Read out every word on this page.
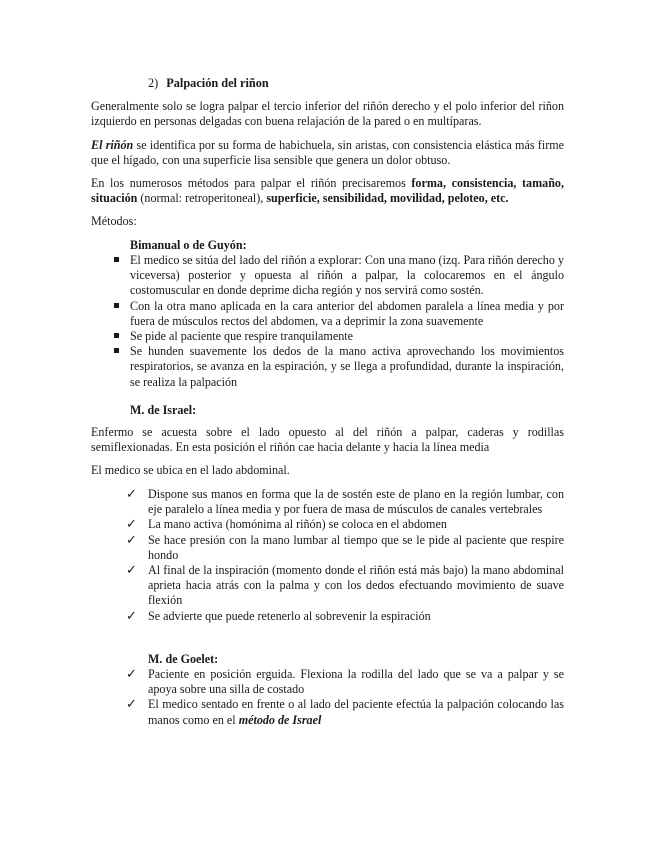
2) Palpación del riñon

Generalmente solo se logra palpar el tercio inferior del riñón derecho y el polo inferior del riñon izquierdo en personas delgadas con buena relajación de la pared o en multíparas.

El riñón se identifica por su forma de habichuela, sin aristas, con consistencia elástica más firme que el hígado, con una superficie lisa sensible que genera un dolor obtuso.

En los numerosos métodos para palpar el riñón precisaremos forma, consistencia, tamaño, situación (normal: retroperitoneal), superficie, sensibilidad, movilidad, peloteo, etc.

Métodos:

Bimanual o de Guyón:
El medico se sitúa del lado del riñón a explorar: Con una mano (izq. Para riñón derecho y viceversa) posterior y opuesta al riñón a palpar, la colocaremos en el ángulo costomuscular en donde deprime dicha región y nos servirá como sostén.
Con la otra mano aplicada en la cara anterior del abdomen paralela a línea media y por fuera de músculos rectos del abdomen, va a deprimir la zona suavemente
Se pide al paciente que respire tranquilamente
Se hunden suavemente los dedos de la mano activa aprovechando los movimientos respiratorios, se avanza en la espiración, y se llega a profundidad, durante la inspiración, se realiza la palpación
M. de Israel:

Enfermo se acuesta sobre el lado opuesto al del riñón a palpar, caderas y rodillas semiflexionadas. En esta posición el riñón cae hacia delante y hacia la línea media

El medico se ubica en el lado abdominal.

✓ Dispone sus manos en forma que la de sostén este de plano en la región lumbar, con eje paralelo a línea media y por fuera de masa de músculos de canales vertebrales
✓ La mano activa (homónima al riñón) se coloca en el abdomen
✓ Se hace presión con la mano lumbar al tiempo que se le pide al paciente que respire hondo
✓ Al final de la inspiración (momento donde el riñón está más bajo) la mano abdominal aprieta hacia atrás con la palma y con los dedos efectuando movimiento de suave flexión
✓ Se advierte que puede retenerlo al sobrevenir la espiración
M. de Goelet:
✓ Paciente en posición erguida. Flexiona la rodilla del lado que se va a palpar y se apoya sobre una silla de costado
✓ El medico sentado en frente o al lado del paciente efectúa la palpación colocando las manos como en el método de Israel
